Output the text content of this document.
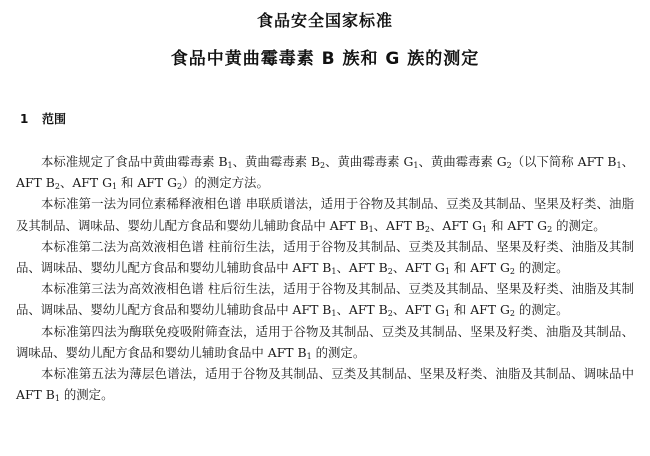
食品安全国家标准
食品中黄曲霉毒素 B 族和 G 族的测定
1 范围

本标准规定了食品中黄曲霉毒素 $B_1$、黄曲霉毒素 $B_2$、黄曲霉毒素 $G_1$、黄曲霉毒素 $G_2$（以下简称 AFT $B_1$、AFT $B_2$、AFT $G_1$ 和 AFT $G_2$）的测定方法。

本标准第一法为同位素稀释液相色谱 串联质谱法，适用于谷物及其制品、豆类及其制品、坚果及籽类、油脂及其制品、调味品、婴幼儿配方食品和婴幼儿辅助食品中 AFT $B_1$、AFT $B_2$、AFT $G_1$ 和 AFT $G_2$ 的测定。

本标准第二法为高效液相色谱 柱前衍生法，适用于谷物及其制品、豆类及其制品、坚果及籽类、油脂及其制品、调味品、婴幼儿配方食品和婴幼儿辅助食品中 AFT $B_1$、AFT $B_2$、AFT $G_1$ 和 AFT $G_2$ 的测定。

本标准第三法为高效液相色谱 柱后衍生法，适用于谷物及其制品、豆类及其制品、坚果及籽类、油脂及其制品、调味品、婴幼儿配方食品和婴幼儿辅助食品中 AFT $B_1$、AFT $B_2$、AFT $G_1$ 和 AFT $G_2$ 的测定。

本标准第四法为酶联免疫吸附筛查法，适用于谷物及其制品、豆类及其制品、坚果及籽类、油脂及其制品、调味品、婴幼儿配方食品和婴幼儿辅助食品中 AFT $B_1$ 的测定。

本标准第五法为薄层色谱法，适用于谷物及其制品、豆类及其制品、坚果及籽类、油脂及其制品、调味品中 AFT $B_1$ 的测定。
